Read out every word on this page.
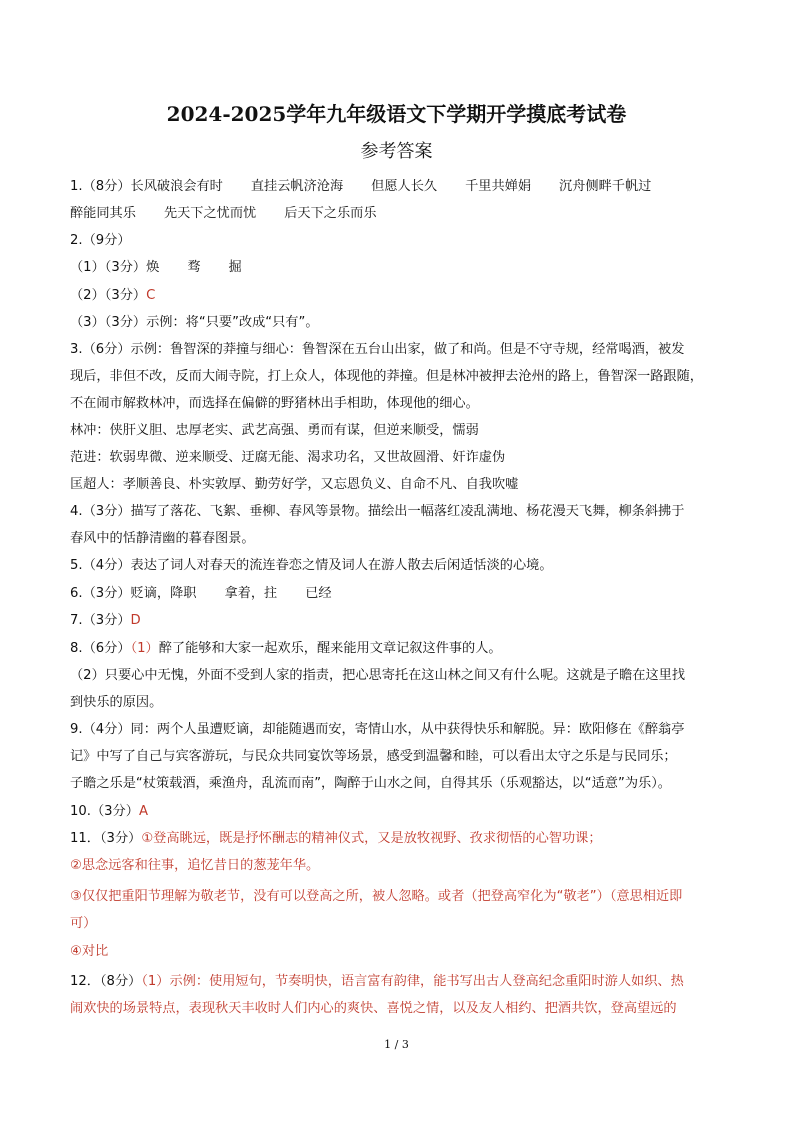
2024-2025学年九年级语文下学期开学摸底考试卷
参考答案
1.（8分）长风破浪会有时 直挂云帆济沧海 但愿人长久 千里共婵娟 沉舟侧畔千帆过
醉能同其乐 先天下之忧而忧 后天下之乐而乐
2.（9分）
（1）（3分）焕 骛 掘
（2）（3分）C
（3）（3分）示例：将“只要”改成“只有”。
3.（6分）示例：鲁智深的莽撞与细心：鲁智深在五台山出家，做了和尚。但是不守寺规，经常喝酒，被发
现后，非但不改，反而大闹寺院，打上众人，体现他的莽撞。但是林冲被押去沧州的路上，鲁智深一路跟随，
不在闹市解救林冲，而选择在偏僻的野猪林出手相助，体现他的细心。
林冲：侠肝义胆、忠厚老实、武艺高强、勇而有谋，但逆来顺受，懦弱
范进：软弱卑微、逆来顺受、迂腐无能、渴求功名，又世故圆滑、奸诈虚伪
匡超人：孝顺善良、朴实敦厚、勤劳好学，又忘恩负义、自命不凡、自我吹嘘
4.（3分）描写了落花、飞絮、垂柳、春风等景物。描绘出一幅落红凌乱满地、杨花漫天飞舞，柳条斜拂于
春风中的恬静清幽的暮春图景。
5.（4分）表达了词人对春天的流连眷恋之情及词人在游人散去后闲适恬淡的心境。
6.（3分）贬谪，降职 拿着，拄 已经
7.（3分）D
8.（6分）（1）醉了能够和大家一起欢乐，醒来能用文章记叙这件事的人。
（2）只要心中无愧，外面不受到人家的指责，把心思寄托在这山林之间又有什么呢。这就是子瞻在这里找
到快乐的原因。
9.（4分）同：两个人虽遭贬谪，却能随遇而安，寄情山水，从中获得快乐和解脱。异：欧阳修在《醉翁亭
记》中写了自己与宾客游玩，与民众共同宴饮等场景，感受到温馨和睦，可以看出太守之乐是与民同乐；
子瞻之乐是“杖策载酒，乘渔舟，乱流而南”，陶醉于山水之间，自得其乐（乐观豁达，以“适意”为乐）。
10.（3分）A
11．（3分）①登高眺远，既是抒怀酬志的精神仪式，又是放牧视野、孜求彻悟的心智功课；
②思念远客和往事，追忆昔日的葱茏年华。
③仅仅把重阳节理解为敬老节，没有可以登高之所，被人忽略。或者（把登高窄化为“敬老”）（意思相近即
可）
④对比
12．（8分）（1）示例：使用短句，节奏明快，语言富有韵律，能书写出古人登高纪念重阳时游人如织、热
闹欢快的场景特点，表现秋天丰收时人们内心的爽快、喜悦之情，以及友人相约、把酒共饮，登高望远的
1 / 3
